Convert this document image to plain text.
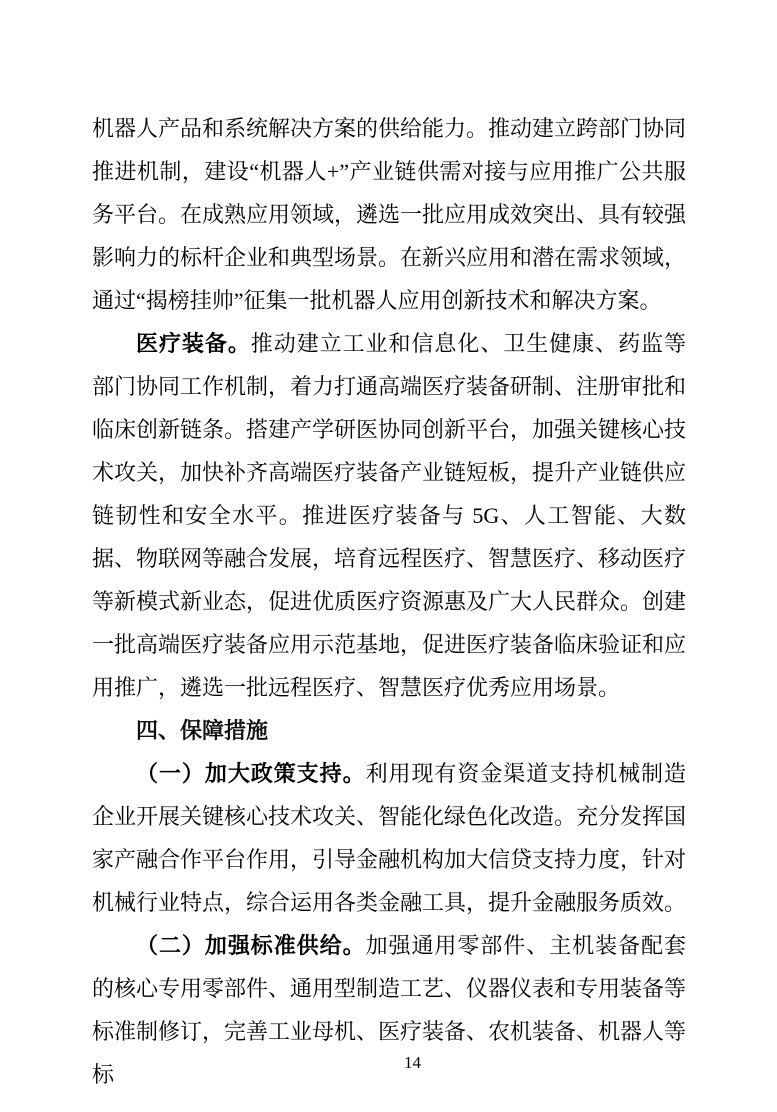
机器人产品和系统解决方案的供给能力。推动建立跨部门协同推进机制，建设“机器人+”产业链供需对接与应用推广公共服务平台。在成熟应用领域，遴选一批应用成效突出、具有较强影响力的标杆企业和典型场景。在新兴应用和潜在需求领域，通过“揭榜挂帅”征集一批机器人应用创新技术和解决方案。

医疗装备。推动建立工业和信息化、卫生健康、药监等部门协同工作机制，着力打通高端医疗装备研制、注册审批和临床创新链条。搭建产学研医协同创新平台，加强关键核心技术攻关，加快补齐高端医疗装备产业链短板，提升产业链供应链韧性和安全水平。推进医疗装备与 5G、人工智能、大数据、物联网等融合发展，培育远程医疗、智慧医疗、移动医疗等新模式新业态，促进优质医疗资源惠及广大人民群众。创建一批高端医疗装备应用示范基地，促进医疗装备临床验证和应用推广，遴选一批远程医疗、智慧医疗优秀应用场景。

四、保障措施

（一）加大政策支持。利用现有资金渠道支持机械制造企业开展关键核心技术攻关、智能化绿色化改造。充分发挥国家产融合作平台作用，引导金融机构加大信贷支持力度，针对机械行业特点，综合运用各类金融工具，提升金融服务质效。

（二）加强标准供给。加强通用零部件、主机装备配套的核心专用零部件、通用型制造工艺、仪器仪表和专用装备等标准制修订，完善工业母机、医疗装备、农机装备、机器人等标	14
